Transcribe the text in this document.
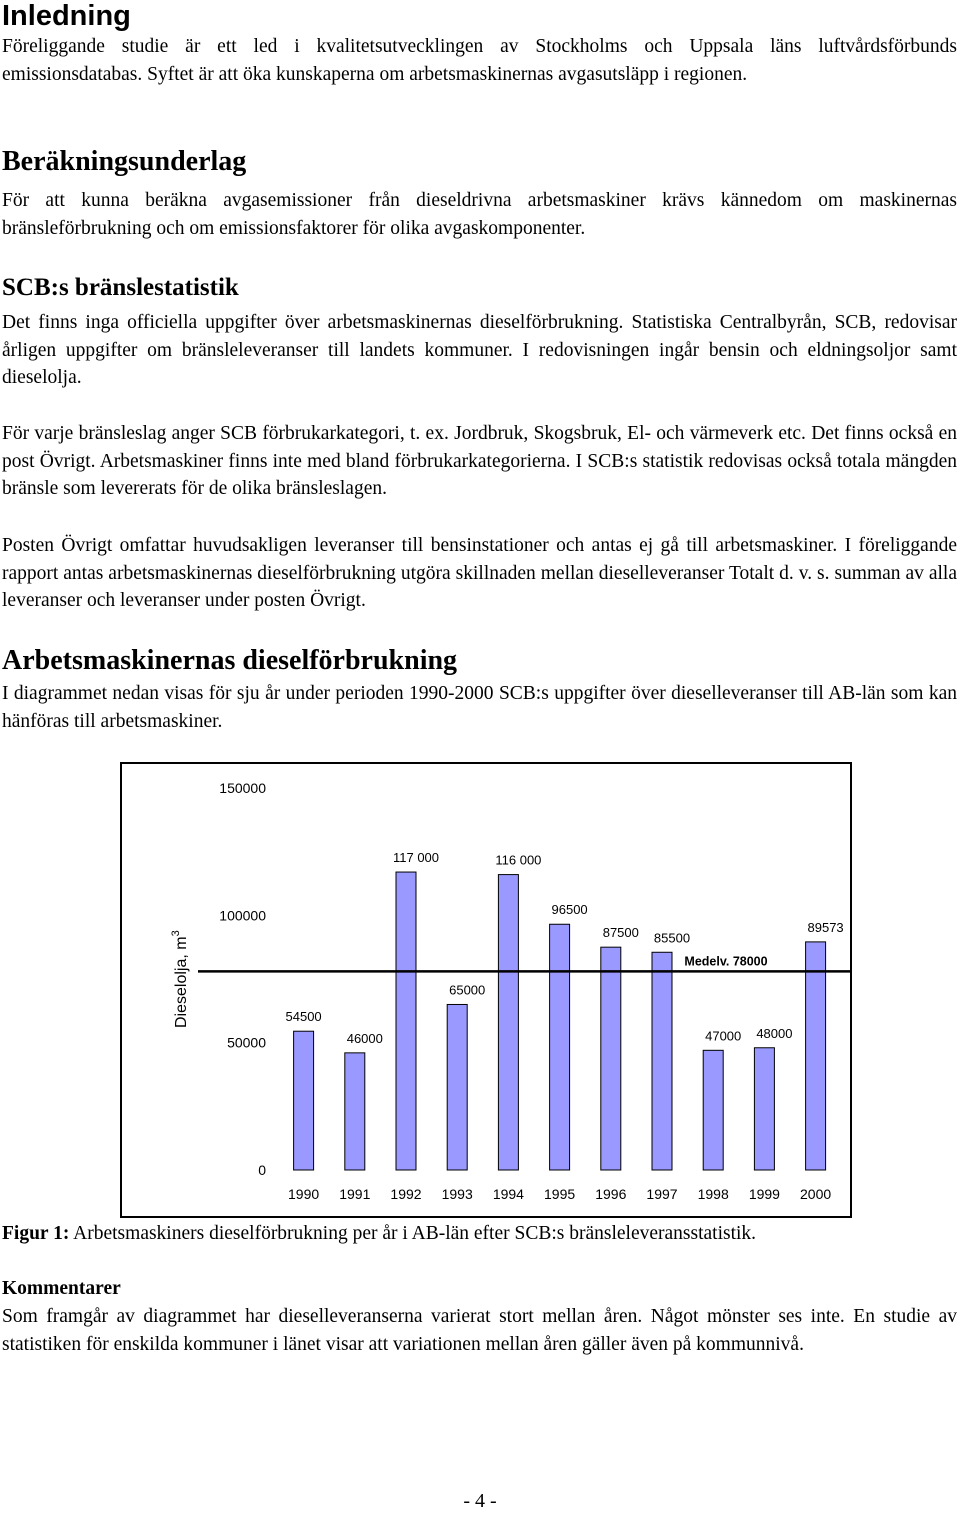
Inledning

Föreliggande studie är ett led i kvalitetsutvecklingen av Stockholms och Uppsala läns luftvårdsförbunds emissionsdatabas. Syftet är att öka kunskaperna om arbetsmaskinernas avgasutsläpp i regionen.

Beräkningsunderlag

För att kunna beräkna avgasemissioner från dieseldrivna arbetsmaskiner krävs kännedom om maskinernas bränsleförbrukning och om emissionsfaktorer för olika avgaskomponenter.

SCB:s bränslestatistik

Det finns inga officiella uppgifter över arbetsmaskinernas dieselförbrukning. Statistiska Centralbyrån, SCB, redovisar årligen uppgifter om bränsleleveranser till landets kommuner. I redovisningen ingår bensin och eldningsoljor samt dieselolja.

För varje bränsleslag anger SCB förbrukarkategori, t. ex. Jordbruk, Skogsbruk, El- och värmeverk etc. Det finns också en post Övrigt. Arbetsmaskiner finns inte med bland förbrukarkategorierna. I SCB:s statistik redovisas också totala mängden bränsle som levererats för de olika bränsleslagen.

Posten Övrigt omfattar huvudsakligen leveranser till bensinstationer och antas ej gå till arbetsmaskiner. I föreliggande rapport antas arbetsmaskinernas dieselförbrukning utgöra skillnaden mellan dieselleveranser Totalt d. v. s. summan av alla leveranser och leveranser under posten Övrigt.

Arbetsmaskinernas dieselförbrukning

I diagrammet nedan visas för sju år under perioden 1990-2000 SCB:s uppgifter över dieselleveranser till AB-län som kan hänföras till arbetsmaskiner.

0
50000
100000
150000
Dieselolja, $m^3$
54500
1990
46000
1991
117 000
1992
65000
1993
116 000
1994
96500
1995
87500
1996
85500
1997
47000
1998
48000
1999
89573
2000
Medelv. 78000

Figur 1: Arbetsmaskiners dieselförbrukning per år i AB-län efter SCB:s bränsleleveransstatistik.

Kommentarer

Som framgår av diagrammet har dieselleveranserna varierat stort mellan åren. Något mönster ses inte. En studie av statistiken för enskilda kommuner i länet visar att variationen mellan åren gäller även på kommunnivå.

- 4 -
